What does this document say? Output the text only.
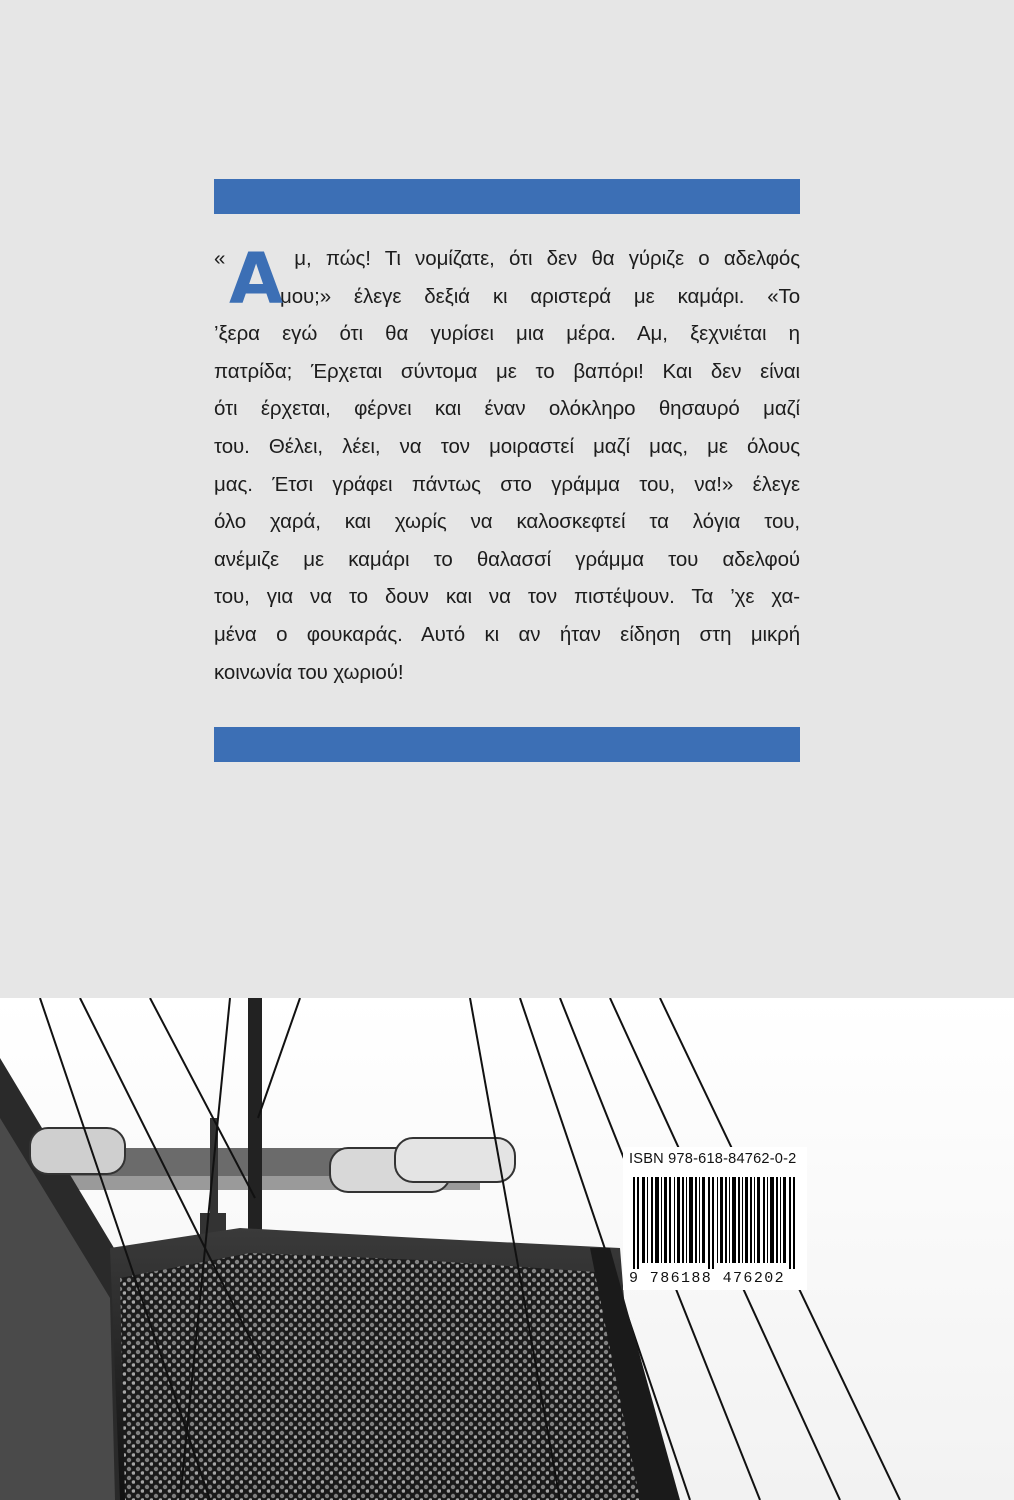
« Α μ, πώς! Τι νομίζατε, ότι δεν θα γύριζε ο αδελφός
μου;» έλεγε δεξιά κι αριστερά με καμάρι. «Το
’ξερα εγώ ότι θα γυρίσει μια μέρα. Αμ, ξεχνιέται η
πατρίδα; Έρχεται σύντομα με το βαπόρι! Και δεν είναι
ότι έρχεται, φέρνει και έναν ολόκληρο θησαυρό μαζί
του. Θέλει, λέει, να τον μοιραστεί μαζί μας, με όλους
μας. Έτσι γράφει πάντως στο γράμμα του, να!» έλεγε
όλο χαρά, και χωρίς να καλοσκεφτεί τα λόγια του,
ανέμιζε με καμάρι το θαλασσί γράμμα του αδελφού
του, για να το δουν και να τον πιστέψουν. Τα ’χε χα-
μένα ο φουκαράς. Αυτό κι αν ήταν είδηση στη μικρή
κοινωνία του χωριού!
ISBN 978-618-84762-0-2
9 786188 476202
